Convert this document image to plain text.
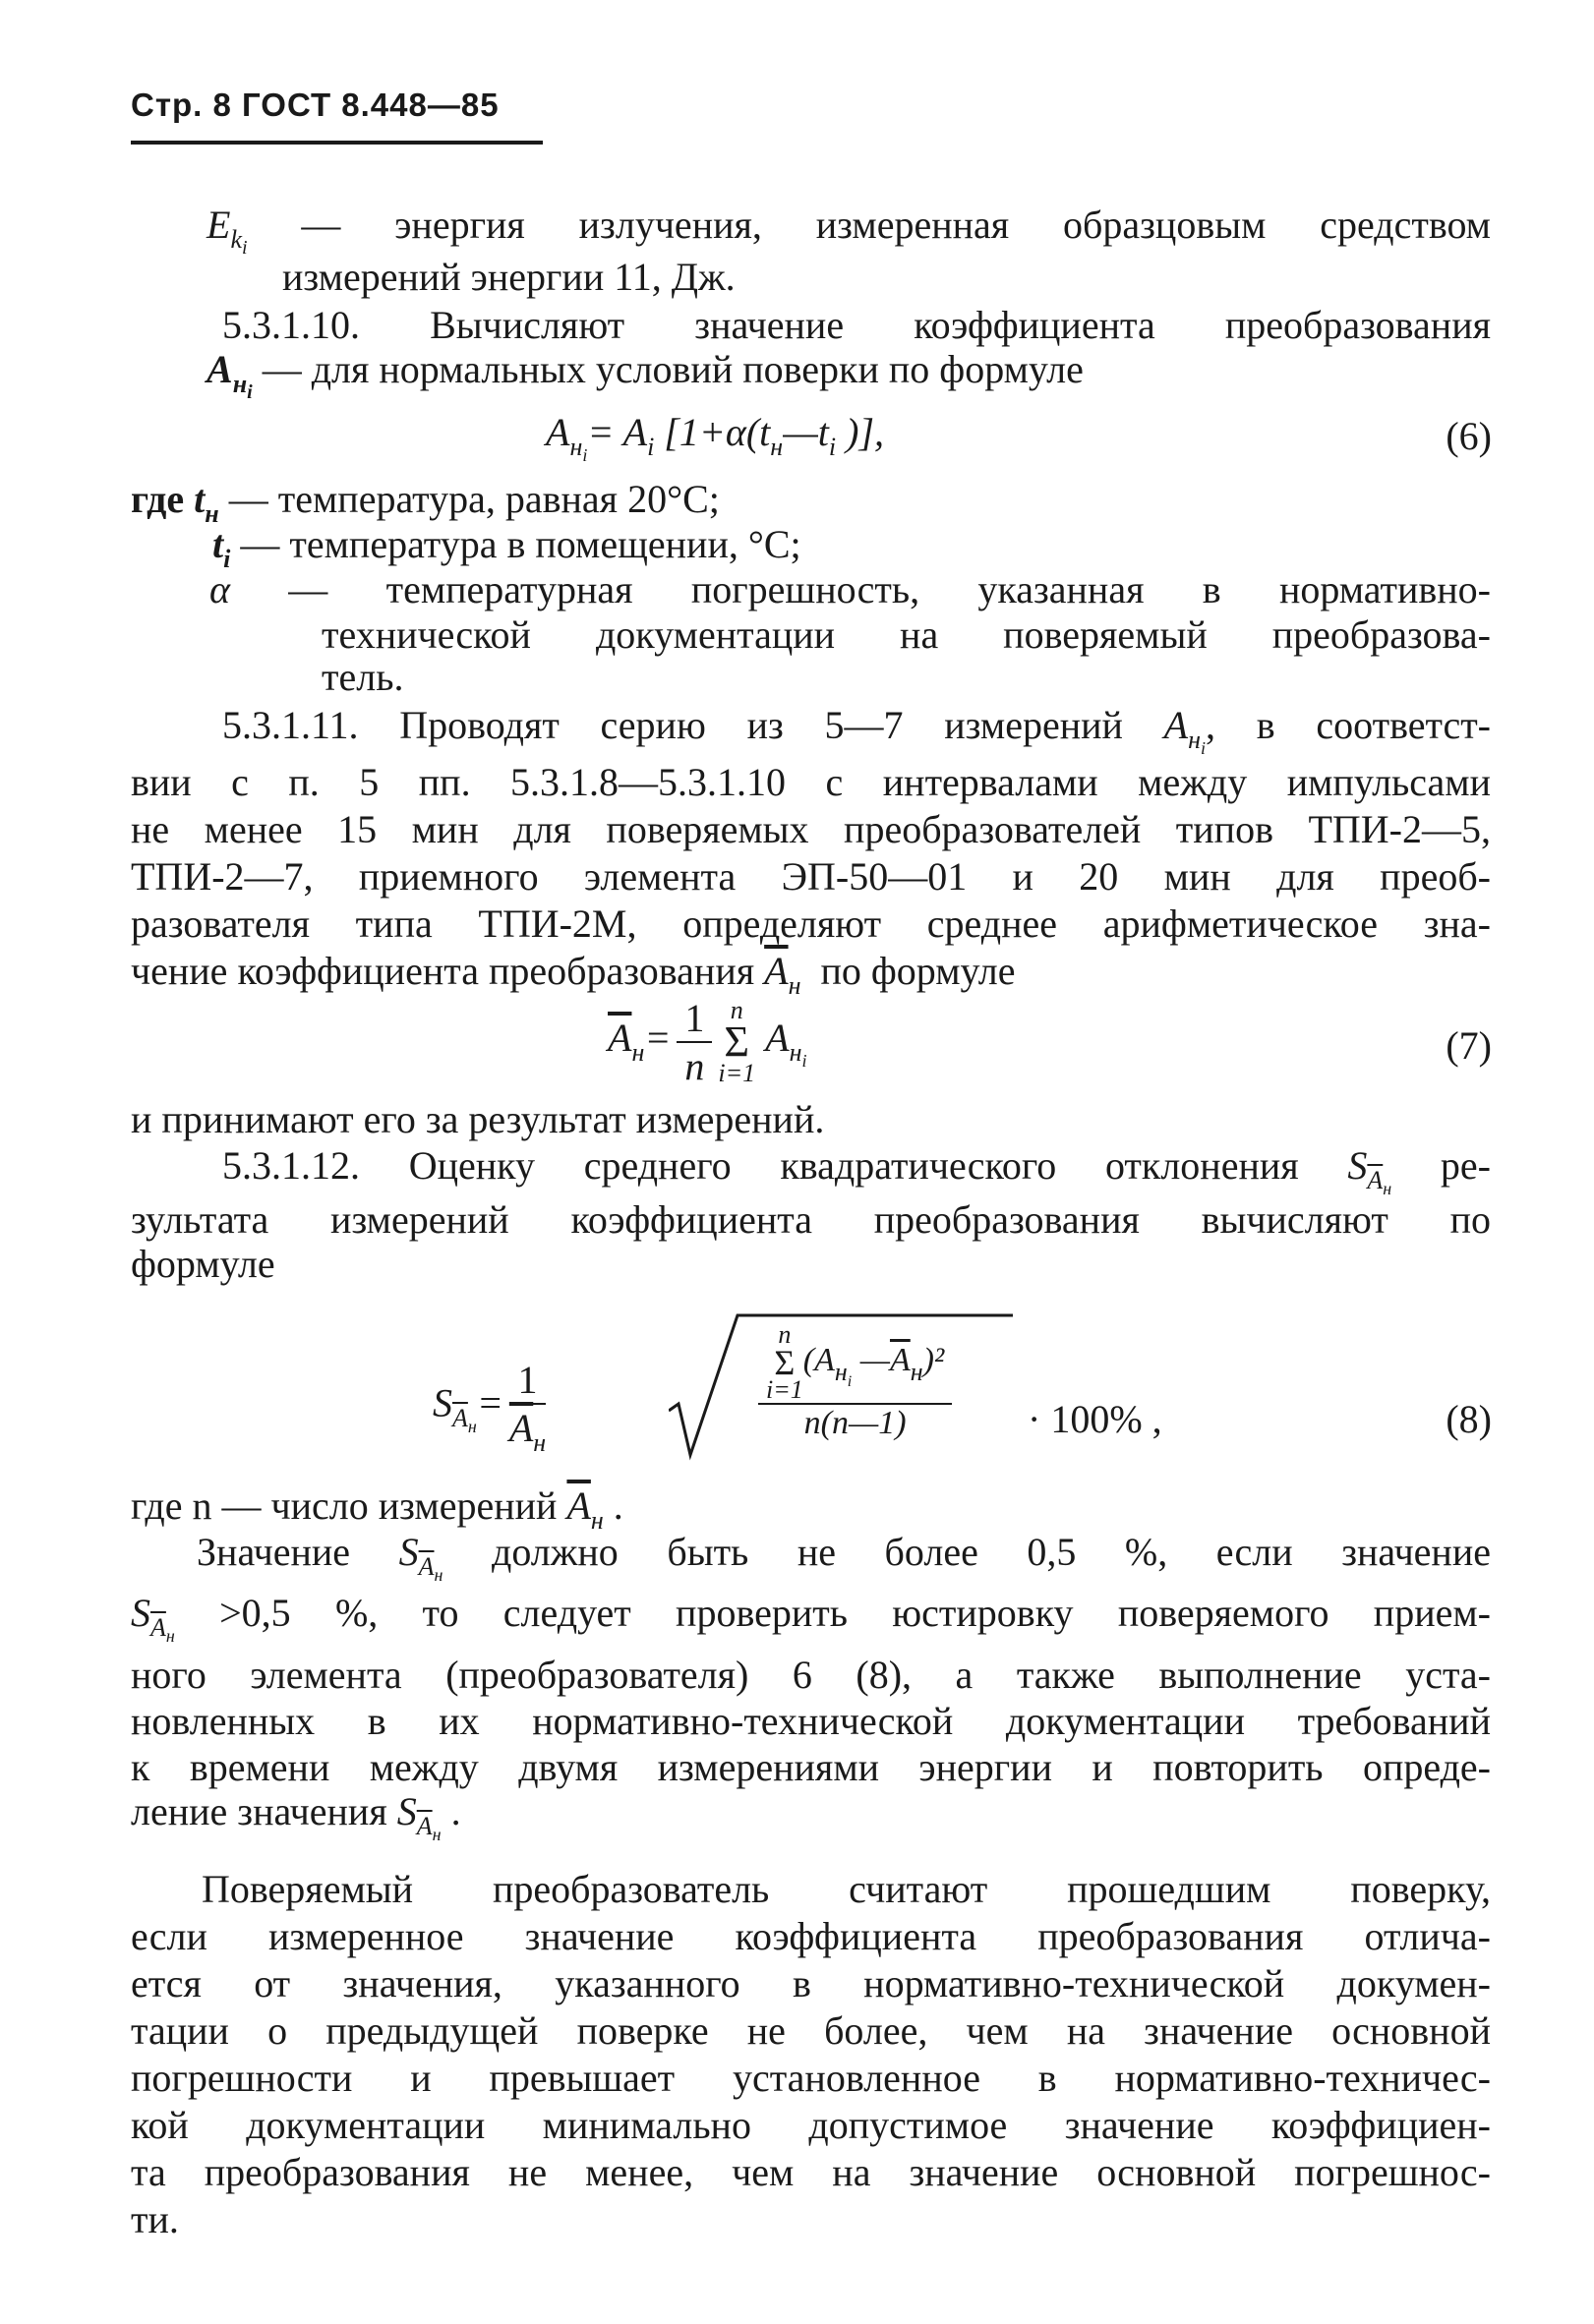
Стр. 8 ГОСТ 8.448—85
$E_{k_i}$ — энергия излучения, измеренная образцовым средством
измерений энергии 11, Дж.
5.3.1.10. Вычисляют значение коэффициента преобразования
$A_{н_i}$ — для нормальных условий поверки по формуле
$A_{н_i}= A_i$ [$1+\alpha(t_н—t_i$ )],	(6)
где $t_н$ — температура, равная 20°С;
$t_i$ — температура в помещении, °С;
α — температурная погрешность, указанная в нормативно-
технической документации на поверяемый преобразова-
тель.
5.3.1.11. Проводят серию из 5—7 измерений $A_{н_i}$, в соответст-
вии с п. 5 пп. 5.3.1.8—5.3.1.10 с интервалами между импульсами
не менее 15 мин для поверяемых преобразователей типов ТПИ-2—5,
ТПИ-2—7, приемного элемента ЭП-50—01 и 20 мин для преоб-
разователя типа ТПИ-2М, определяют среднее арифметическое зна-
чение коэффициента преобразования $\overline{A}_н$ по формуле
$\overline{A}_н= \frac{1}{n}$ n
Σ
i=1
$A_{н_i}$	(7)
и принимают его за результат измерений.
5.3.1.12. Оценку среднего квадратического отклонения $S_{\overline{A}_н}$ ре-
зультата измерений коэффициента преобразования вычисляют по
формуле
$S_{\overline{A}_н}= \frac{1}{\overline{A}_н}$	n
Σ
i=1
($A_{н_i}$ $—\overline{A}_н)^2$
n(n—1) · 100% ,	(8)
где n — число измерений $\overline{A}_н$ .
Значение $S_{\overline{A}_н}$ должно быть не более 0,5 %, если значение
$S_{\overline{A}_н} >0,5$ %, то следует проверить юстировку поверяемого прием-
ного элемента (преобразователя) 6 (8), а также выполнение уста-
новленных в их нормативно-технической документации требований
к времени между двумя измерениями энергии и повторить опреде-
ление значения $S_{\overline{A}_н}$ .
Поверяемый преобразователь считают прошедшим поверку,
если измеренное значение коэффициента преобразования отлича-
ется от значения, указанного в нормативно-технической докумен-
тации о предыдущей поверке не более, чем на значение основной
погрешности и превышает установленное в нормативно-техничес-
кой документации минимально допустимое значение коэффициен-
та преобразования не менее, чем на значение основной погрешнос-
ти.
